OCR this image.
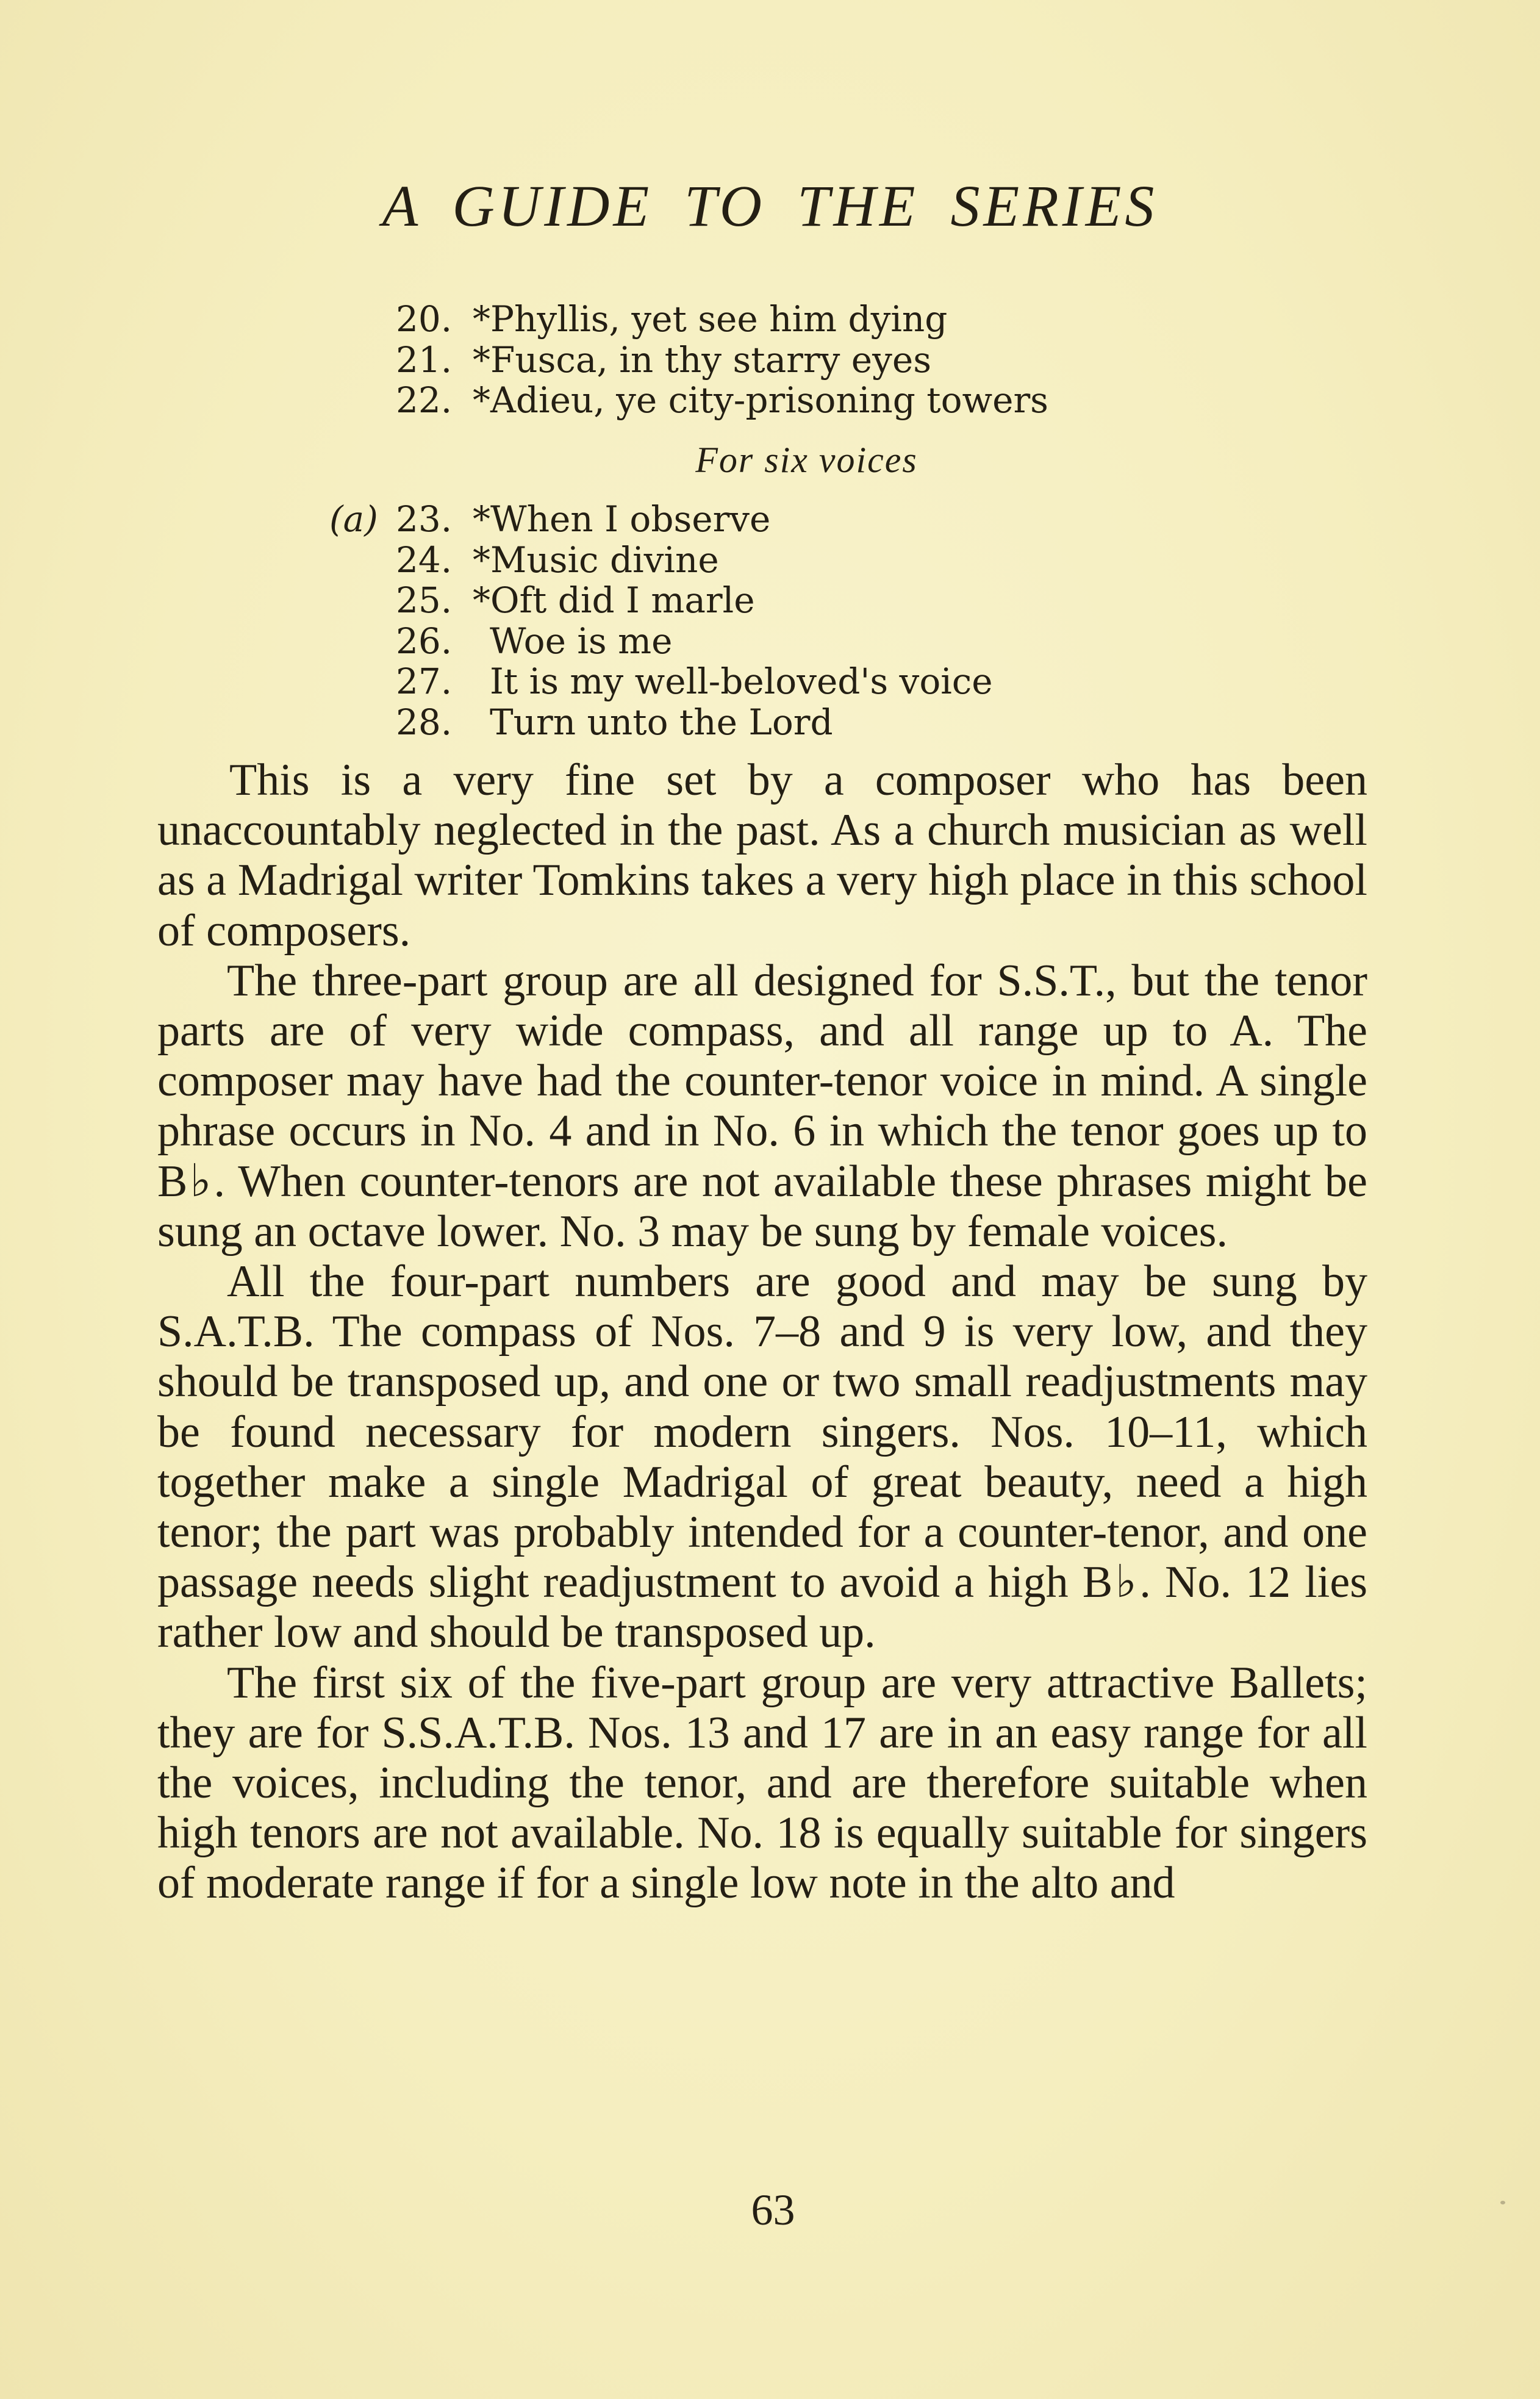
A GUIDE TO THE SERIES
20. *Phyllis, yet see him dying
21. *Fusca, in thy starry eyes
22. *Adieu, ye city-prisoning towers
For six voices
(a) 23. *When I observe
24. *Music divine
25. *Oft did I marle
26.	Woe is me
27.	It is my well-beloved's voice
28.	Turn unto the Lord

This is a very fine set by a composer who has been unaccountably neglected in the past. As a church musician as well as a Madrigal writer Tomkins takes a very high place in this school of composers.

The three-part group are all designed for S.S.T., but the tenor parts are of very wide compass, and all range up to A. The composer may have had the counter-tenor voice in mind. A single phrase occurs in No. 4 and in No. 6 in which the tenor goes up to B♭. When counter-tenors are not available these phrases might be sung an octave lower. No. 3 may be sung by female voices.

All the four-part numbers are good and may be sung by S.A.T.B. The compass of Nos. 7–8 and 9 is very low, and they should be transposed up, and one or two small readjustments may be found necessary for modern singers. Nos. 10–11, which together make a single Madrigal of great beauty, need a high tenor; the part was probably intended for a counter-tenor, and one passage needs slight readjustment to avoid a high B♭. No. 12 lies rather low and should be transposed up.

The first six of the five-part group are very attractive Ballets; they are for S.S.A.T.B. Nos. 13 and 17 are in an easy range for all the voices, including the tenor, and are therefore suitable when high tenors are not available. No. 18 is equally suitable for singers of moderate range if for a single low note in the alto and

63
